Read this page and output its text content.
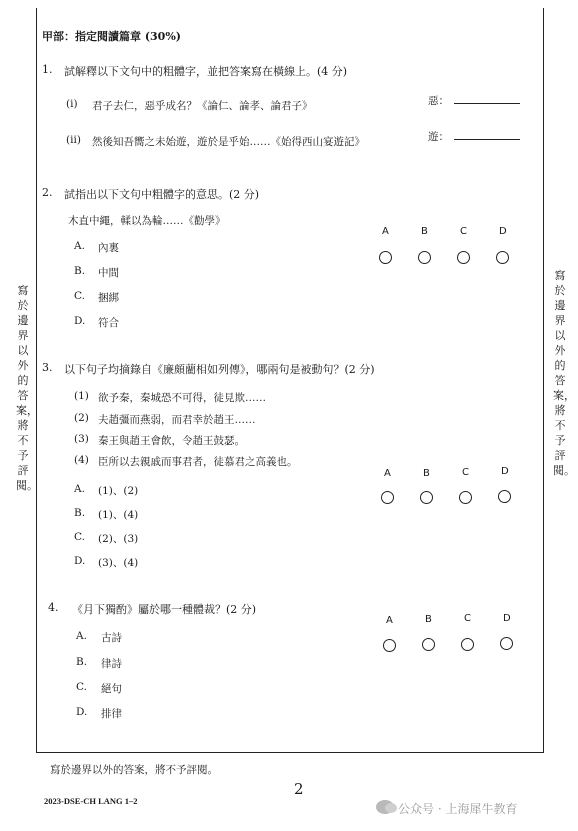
寫於邊界以外的答案，將不予評閱。
寫於邊界以外的答案，將不予評閱。
甲部：指定閱讀篇章 (30%)
1. 試解釋以下文句中的粗體字，並把答案寫在橫線上。(4 分)
(i) 君子去仁，惡乎成名？《論仁、論孝、論君子》	惡：
(ii) 然後知吾嚮之未始遊，遊於是乎始……《始得西山宴遊記》	遊：
2. 試指出以下文句中粗體字的意思。(2 分)
木直中繩，輮以為輪……《勸學》
A. 內裏
B. 中間
C. 捆綁
D. 符合
A	B	C	D
3. 以下句子均摘錄自《廉頗藺相如列傳》，哪兩句是被動句？(2 分)
(1) 欲予秦，秦城恐不可得，徒見欺……
(2) 夫趙彊而燕弱，而君幸於趙王……
(3) 秦王與趙王會飲，令趙王鼓瑟。
(4) 臣所以去親戚而事君者，徒慕君之高義也。
A. (1)、(2)
B. (1)、(4)
C. (2)、(3)
D. (3)、(4)
A	B	C	D
4. 《月下獨酌》屬於哪一種體裁？(2 分)
A. 古詩
B. 律詩
C. 絕句
D. 排律
A	B	C	D
寫於邊界以外的答案，將不予評閱。
2
2023-DSE-CH LANG 1–2
公众号 · 上海犀牛教育
